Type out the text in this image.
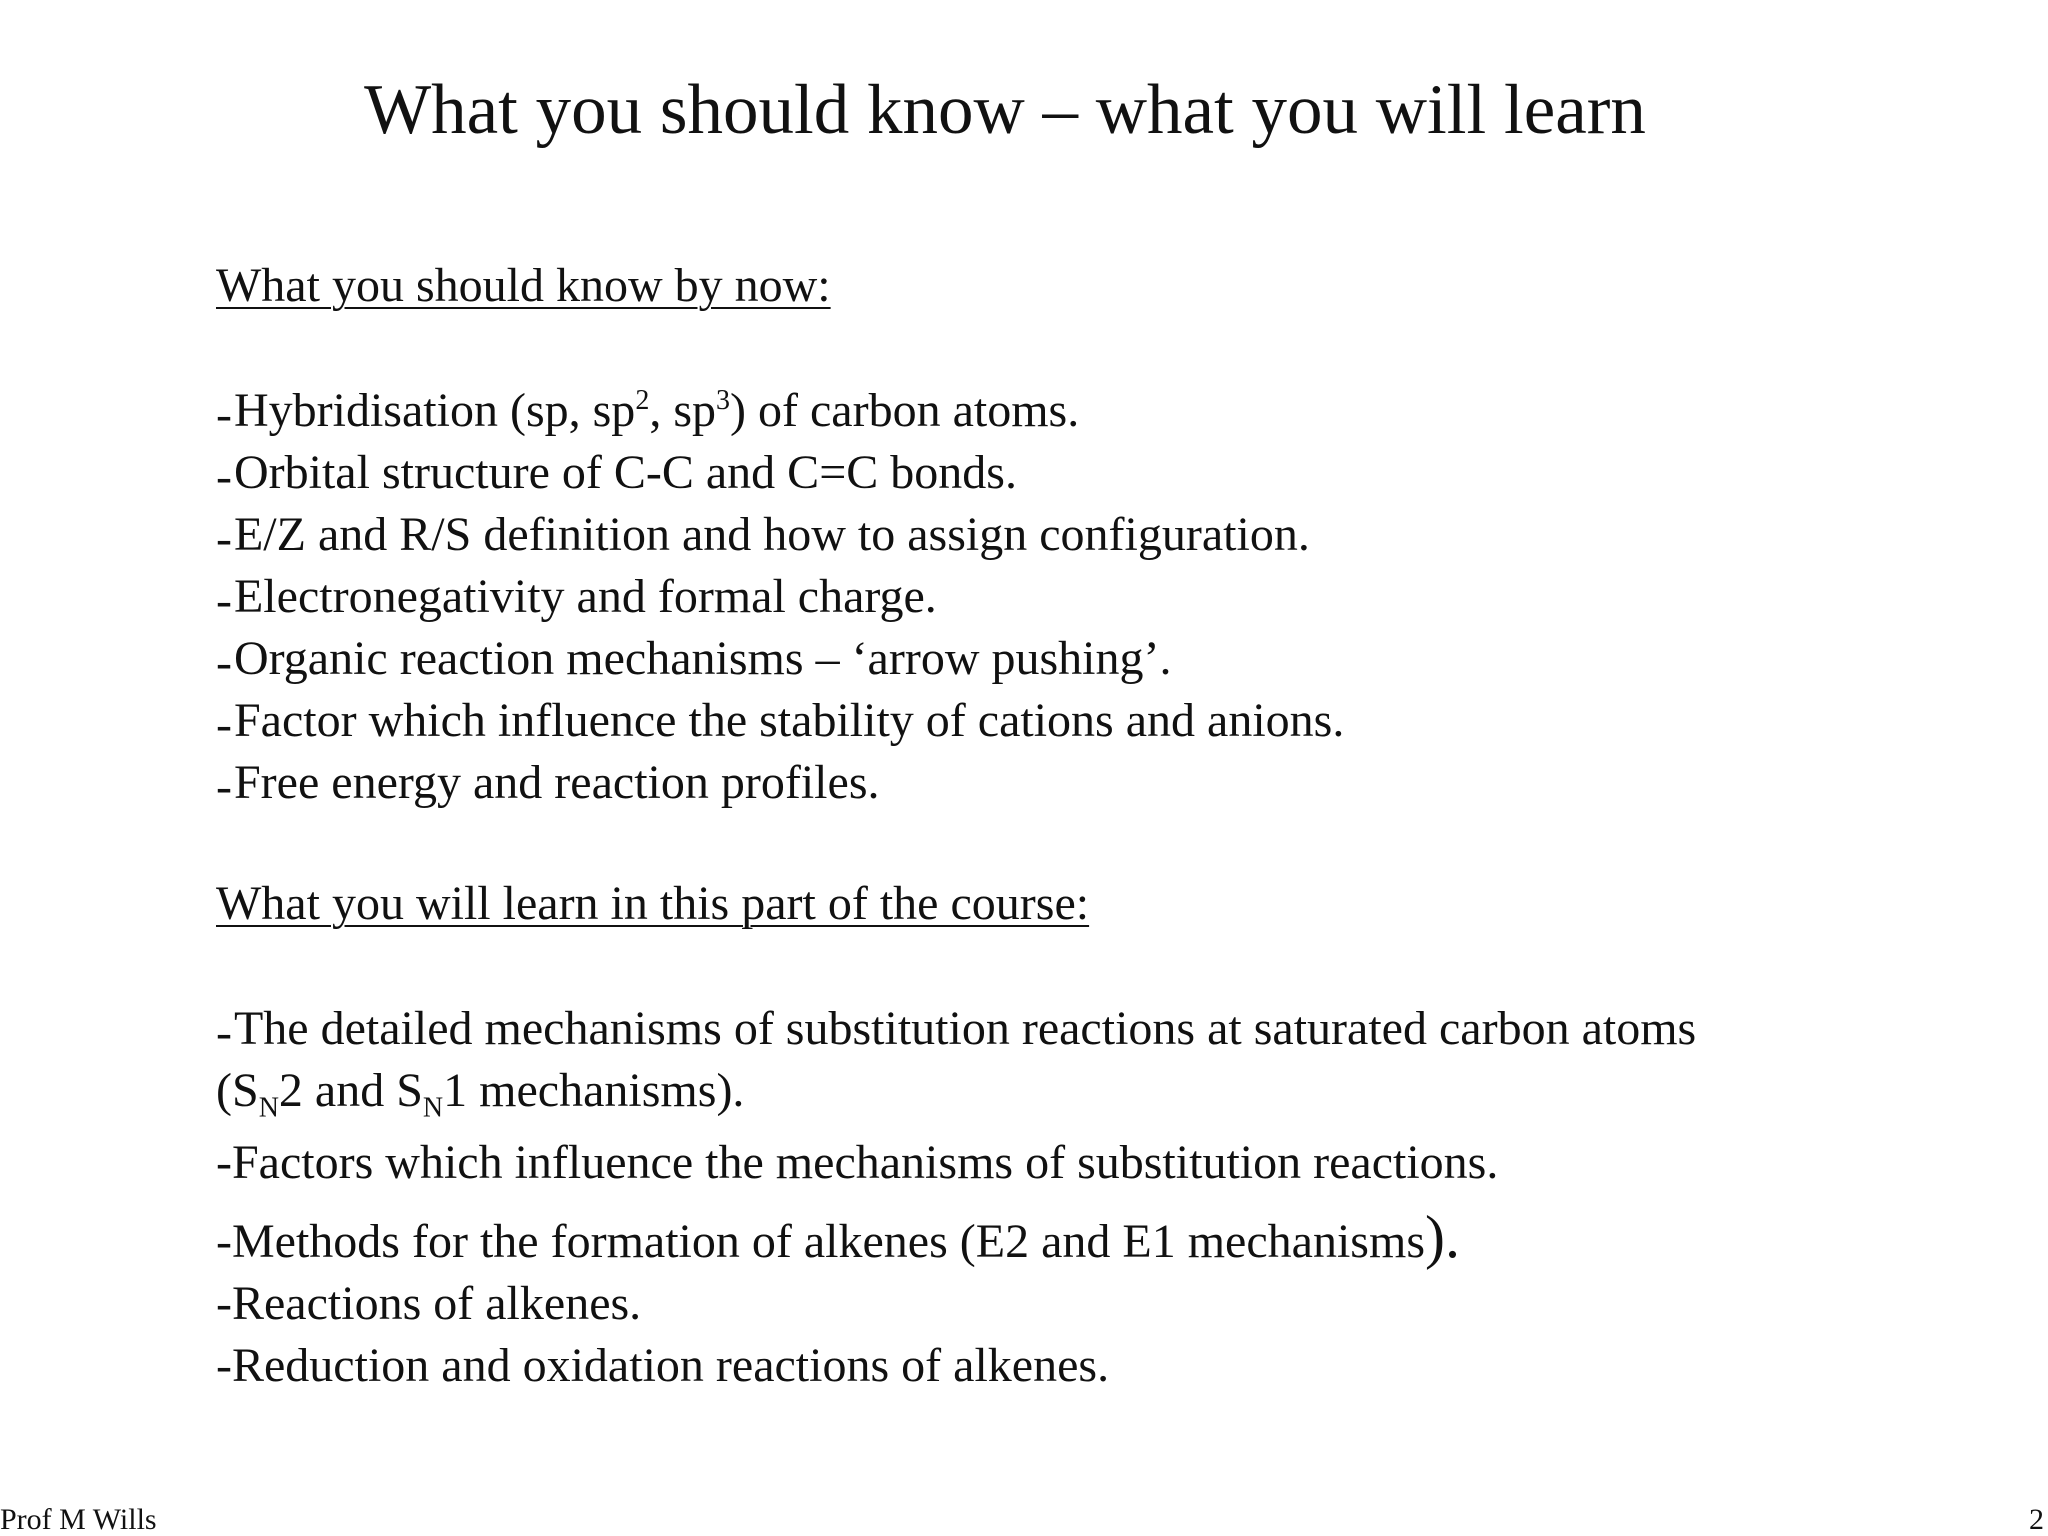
What you should know – what you will learn
What you should know by now:
-Hybridisation (sp, $sp^2$, $sp^3$) of carbon atoms.
-Orbital structure of C-C and C=C bonds.
-E/Z and R/S definition and how to assign configuration.
-Electronegativity and formal charge.
-Organic reaction mechanisms – ‘arrow pushing’.
-Factor which influence the stability of cations and anions.
-Free energy and reaction profiles.
What you will learn in this part of the course:
-The detailed mechanisms of substitution reactions at saturated carbon atoms
($S_N2$ and $S_N1$ mechanisms).
-Factors which influence the mechanisms of substitution reactions.
-Methods for the formation of alkenes (E2 and E1 mechanisms).
-Reactions of alkenes.
-Reduction and oxidation reactions of alkenes.
Prof M Wills	2
